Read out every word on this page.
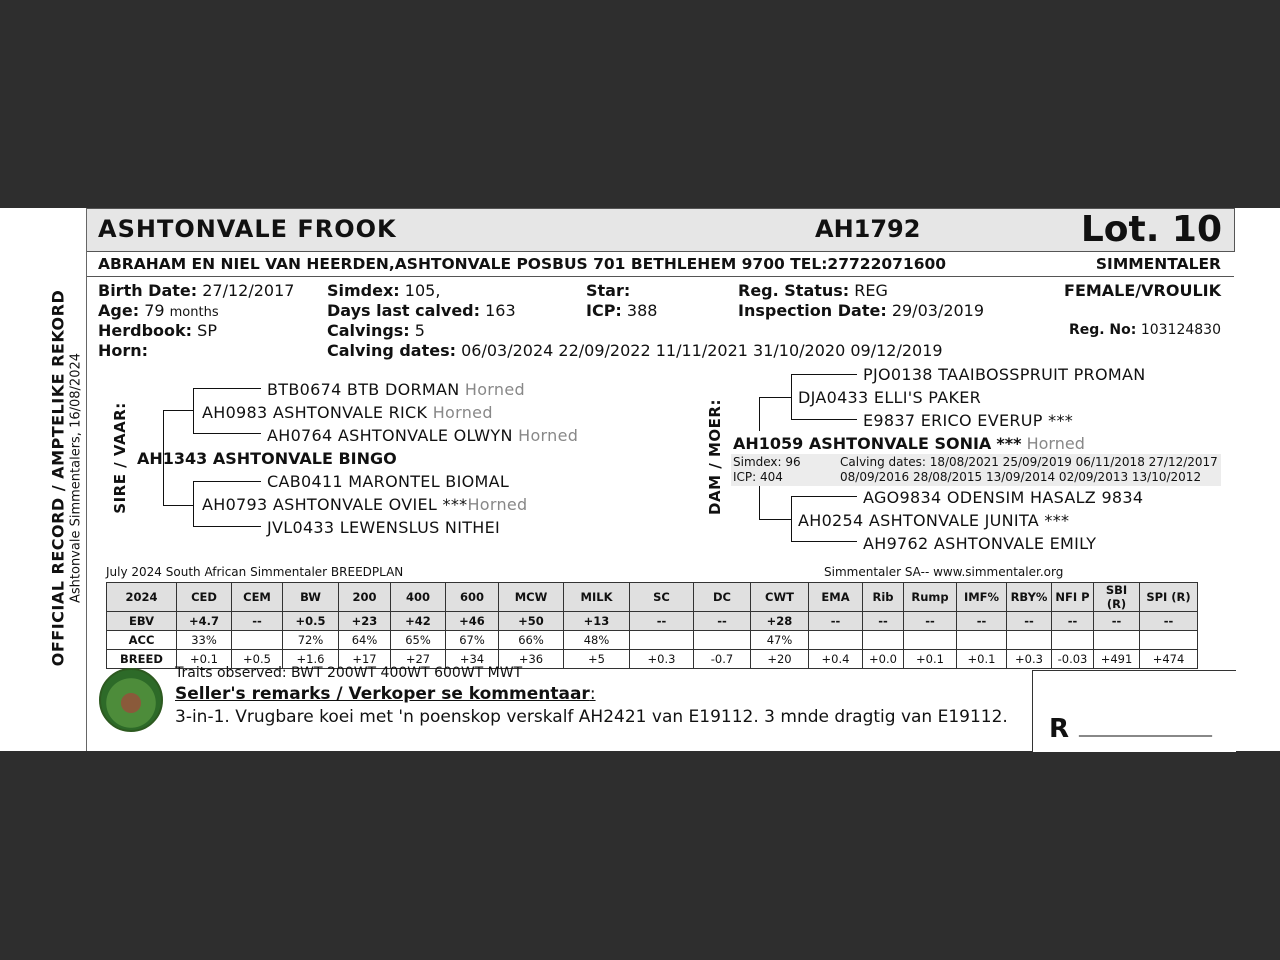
OFFICIAL RECORD / AMPTELIKE REKORD Ashtonvale Simmentalers, 16/08/2024
ASHTONVALE FROOK	AH1792	Lot. 10
ABRAHAM EN NIEL VAN HEERDEN,ASHTONVALE POSBUS 701 BETHLEHEM 9700 TEL:27722071600	SIMMENTALER
Birth Date: 27/12/2017
Age: 79 months
Herdbook: SP
Horn:
Simdex: 105,
Days last calved: 163
Calvings: 5
Calving dates: 06/03/2024 22/09/2022 11/11/2021 31/10/2020 09/12/2019
Star:
ICP: 388
Reg. Status: REG
Inspection Date: 29/03/2019
FEMALE/VROULIK
Reg. No: 103124830
SIRE / VAAR:
BTB0674 BTB DORMAN Horned
AH0983 ASHTONVALE RICK Horned
AH0764 ASHTONVALE OLWYN Horned
AH1343 ASHTONVALE BINGO
CAB0411 MARONTEL BIOMAL
AH0793 ASHTONVALE OVIEL ***Horned
JVL0433 LEWENSLUS NITHEI
DAM / MOER:
PJO0138 TAAIBOSSPRUIT PROMAN
DJA0433 ELLI'S PAKER
E9837 ERICO EVERUP ***
AH1059 ASHTONVALE SONIA *** Horned
Simdex: 96
ICP: 404
Calving dates: 18/08/2021 25/09/2019 06/11/2018 27/12/2017
08/09/2016 28/08/2015 13/09/2014 02/09/2013 13/10/2012
AGO9834 ODENSIM HASALZ 9834
AH0254 ASHTONVALE JUNITA ***
AH9762 ASHTONVALE EMILY
July 2024 South African Simmentaler BREEDPLAN	Simmentaler SA-- www.simmentaler.org
2024	CED	CEM	BW	200	400	600	MCW	MILK	SC	DC	CWT	EMA	Rib	Rump	IMF%	RBY%	NFI P	SBI (R)	SPI (R)
EBV	+4.7	--	+0.5	+23	+42	+46	+50	+13	--	--	+28	--	--	--	--	--	--	--	--
ACC	33%		72%	64%	65%	67%	66%	48%			47%								
BREED	+0.1	+0.5	+1.6	+17	+27	+34	+36	+5	+0.3	-0.7	+20	+0.4	+0.0	+0.1	+0.1	+0.3	-0.03	+491	+474
Traits observed: BWT 200WT 400WT 600WT MWT
Seller's remarks / Verkoper se kommentaar:
3-in-1. Vrugbare koei met 'n poenskop verskalf AH2421 van E19112. 3 mnde dragtig van E19112. R ___________________
